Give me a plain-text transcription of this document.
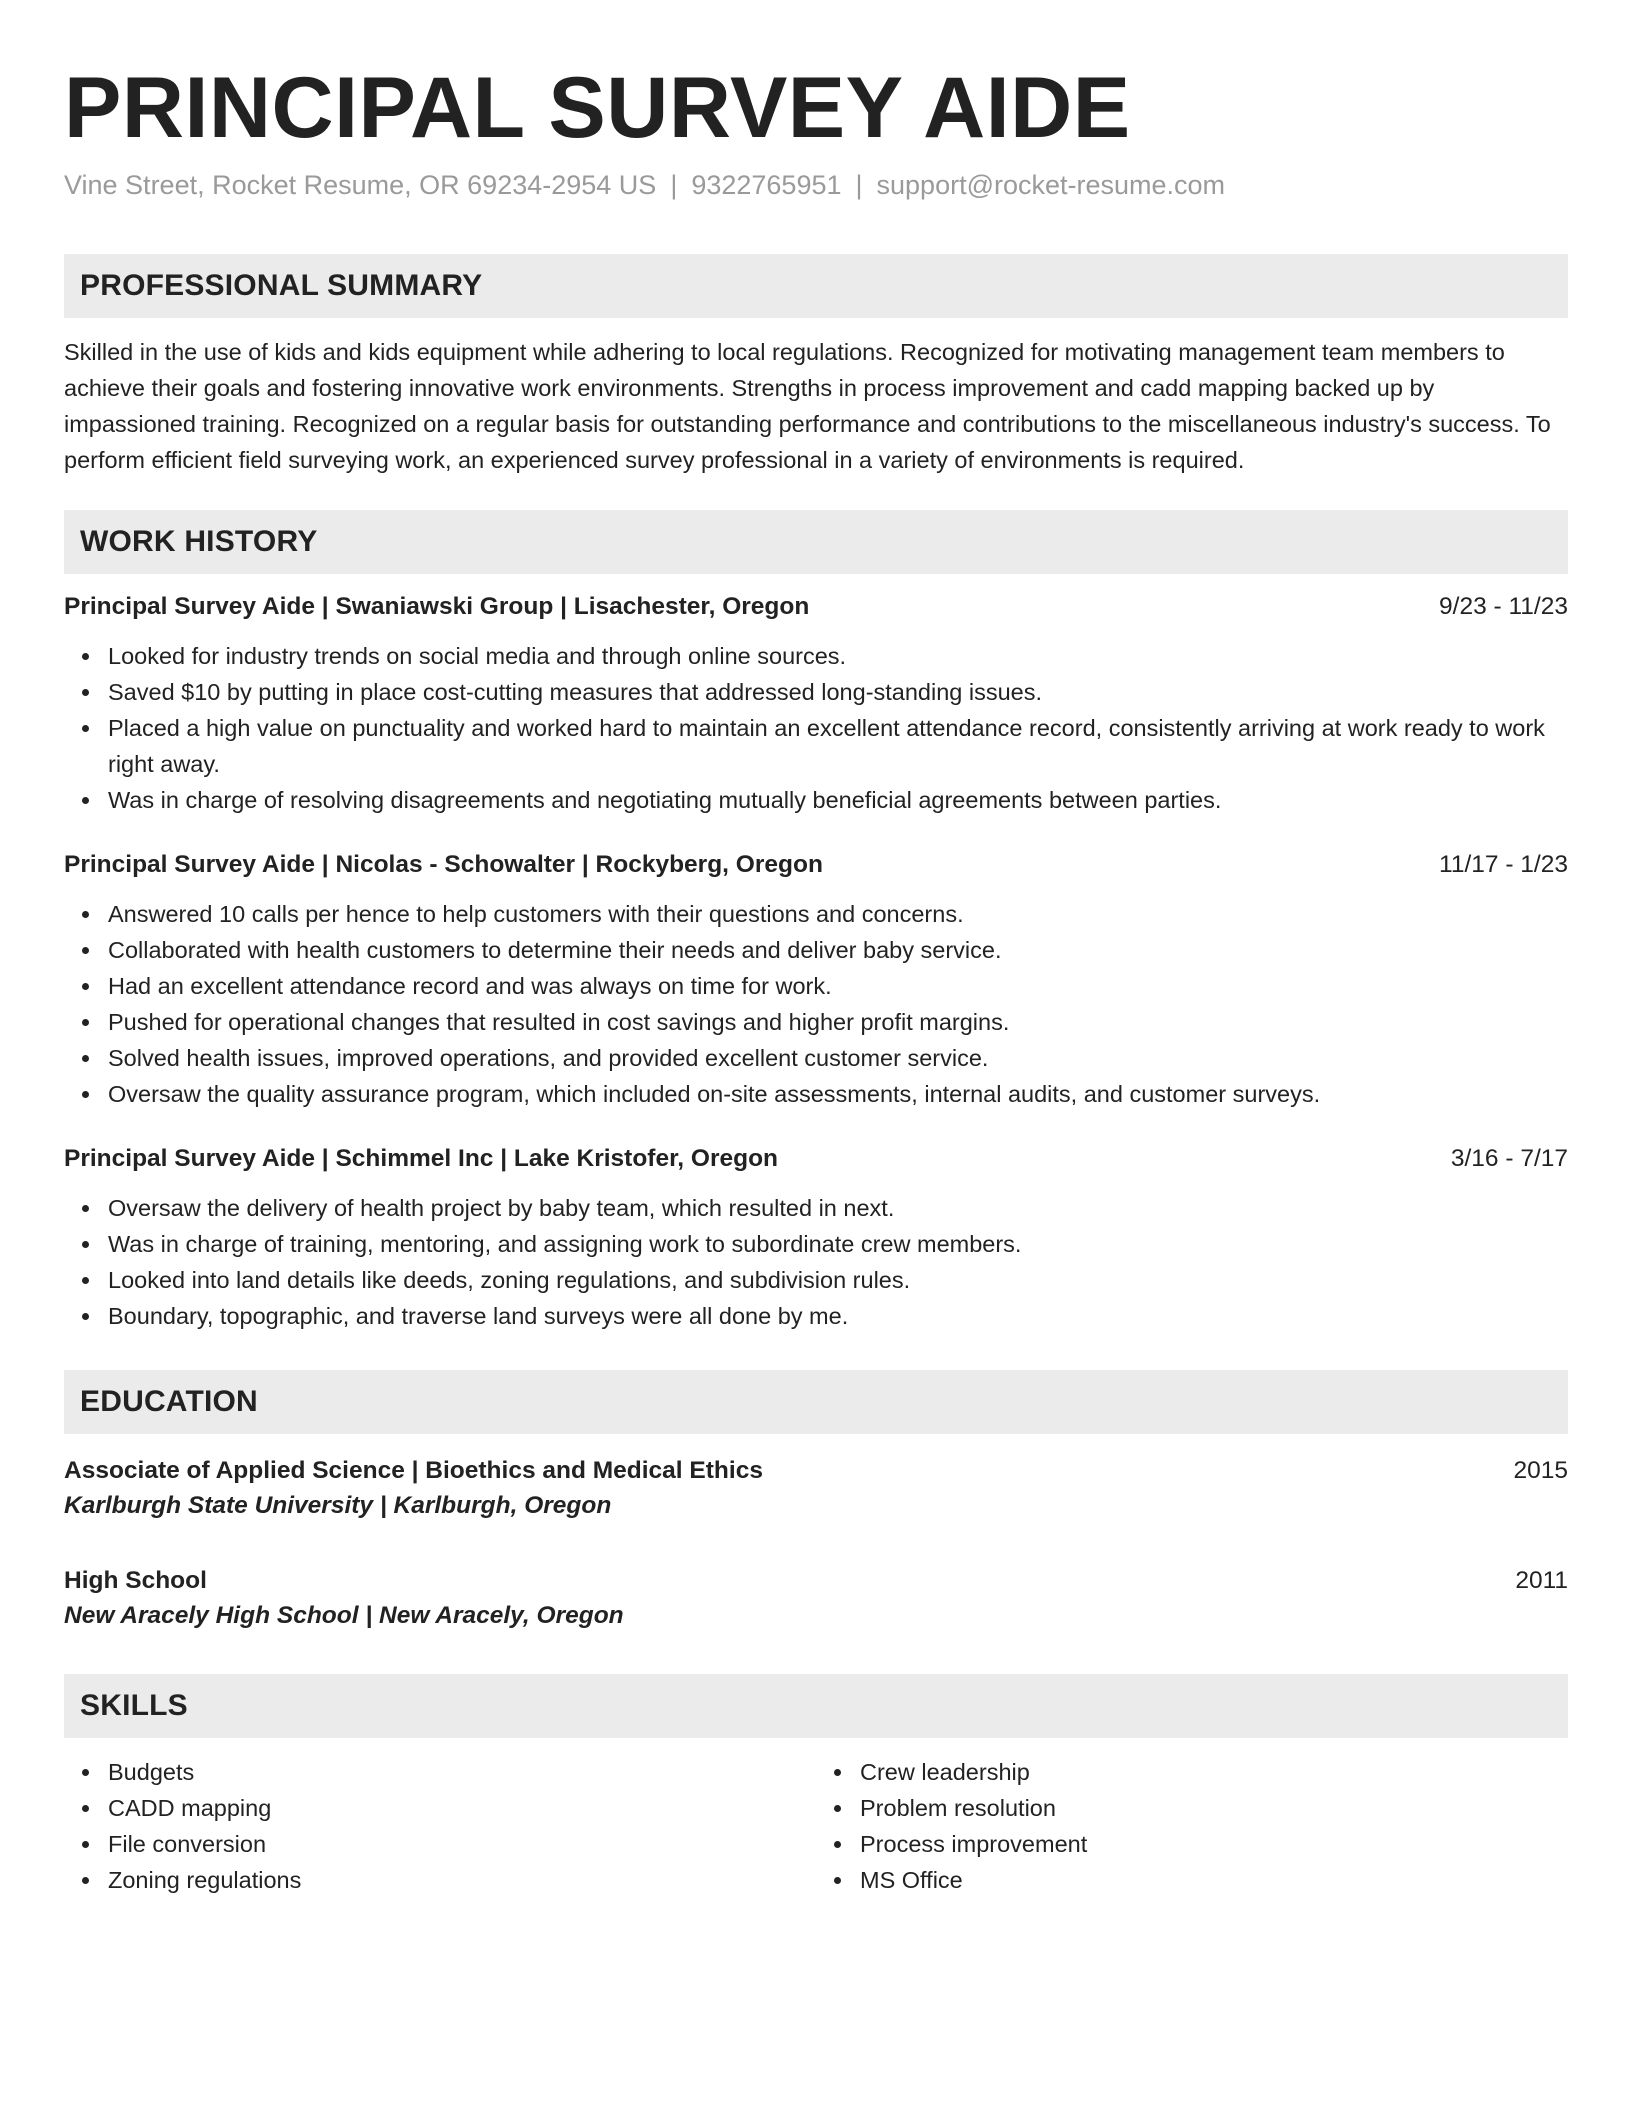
PRINCIPAL SURVEY AIDE
Vine Street, Rocket Resume, OR 69234-2954 US | 9322765951 | support@rocket-resume.com
PROFESSIONAL SUMMARY

Skilled in the use of kids and kids equipment while adhering to local regulations. Recognized for motivating management team members to achieve their goals and fostering innovative work environments. Strengths in process improvement and cadd mapping backed up by impassioned training. Recognized on a regular basis for outstanding performance and contributions to the miscellaneous industry's success. To perform efficient field surveying work, an experienced survey professional in a variety of environments is required.

WORK HISTORY
Principal Survey Aide | Swaniawski Group | Lisachester, Oregon	9/23 - 11/23
Looked for industry trends on social media and through online sources.
Saved $10 by putting in place cost-cutting measures that addressed long-standing issues.
Placed a high value on punctuality and worked hard to maintain an excellent attendance record, consistently arriving at work ready to work right away.
Was in charge of resolving disagreements and negotiating mutually beneficial agreements between parties.
Principal Survey Aide | Nicolas - Schowalter | Rockyberg, Oregon	11/17 - 1/23
Answered 10 calls per hence to help customers with their questions and concerns.
Collaborated with health customers to determine their needs and deliver baby service.
Had an excellent attendance record and was always on time for work.
Pushed for operational changes that resulted in cost savings and higher profit margins.
Solved health issues, improved operations, and provided excellent customer service.
Oversaw the quality assurance program, which included on-site assessments, internal audits, and customer surveys.
Principal Survey Aide | Schimmel Inc | Lake Kristofer, Oregon	3/16 - 7/17
Oversaw the delivery of health project by baby team, which resulted in next.
Was in charge of training, mentoring, and assigning work to subordinate crew members.
Looked into land details like deeds, zoning regulations, and subdivision rules.
Boundary, topographic, and traverse land surveys were all done by me.
EDUCATION
Associate of Applied Science | Bioethics and Medical Ethics	2015
Karlburgh State University | Karlburgh, Oregon
High School	2011
New Aracely High School | New Aracely, Oregon
SKILLS
Budgets
CADD mapping
File conversion
Zoning regulations
Crew leadership
Problem resolution
Process improvement
MS Office
